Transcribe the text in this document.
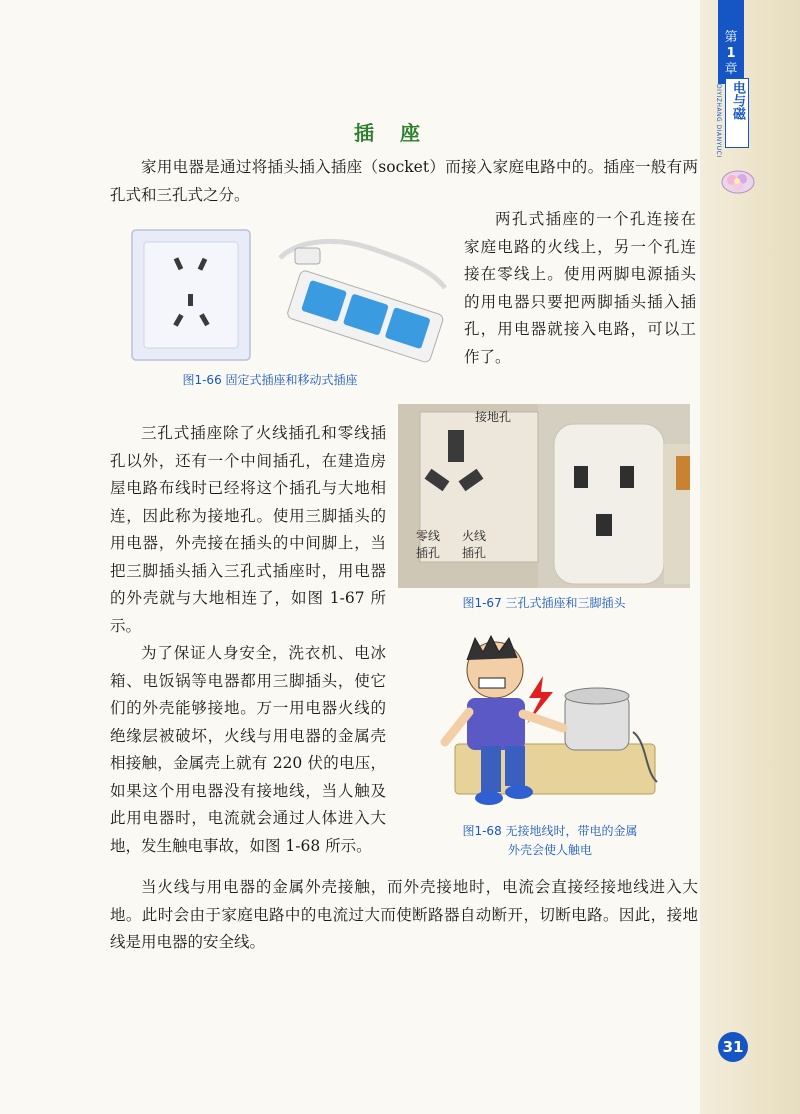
第
1
章
DIYIZHANG DIANYUCI 电与磁
插座
家用电器是通过将插头插入插座（socket）而接入家庭电路中的。插座一般有两孔式和三孔式之分。
图1-66 固定式插座和移动式插座
两孔式插座的一个孔连接在家庭电路的火线上，另一个孔连接在零线上。使用两脚电源插头的用电器只要把两脚插头插入插孔，用电器就接入电路，可以工作了。
接地孔
零线
插孔
火线
插孔
图1-67 三孔式插座和三脚插头
三孔式插座除了火线插孔和零线插孔以外，还有一个中间插孔，在建造房屋电路布线时已经将这个插孔与大地相连，因此称为接地孔。使用三脚插头的用电器，外壳接在插头的中间脚上，当把三脚插头插入三孔式插座时，用电器的外壳就与大地相连了，如图 1-67 所示。
为了保证人身安全，洗衣机、电冰箱、电饭锅等电器都用三脚插头，使它们的外壳能够接地。万一用电器火线的绝缘层被破坏，火线与用电器的金属壳相接触，金属壳上就有 220 伏的电压，如果这个用电器没有接地线，当人触及此用电器时，电流就会通过人体进入大地，发生触电事故，如图 1-68 所示。
图1-68 无接地线时，带电的金属
外壳会使人触电
当火线与用电器的金属外壳接触，而外壳接地时，电流会直接经接地线进入大地。此时会由于家庭电路中的电流过大而使断路器自动断开，切断电路。因此，接地线是用电器的安全线。
31
